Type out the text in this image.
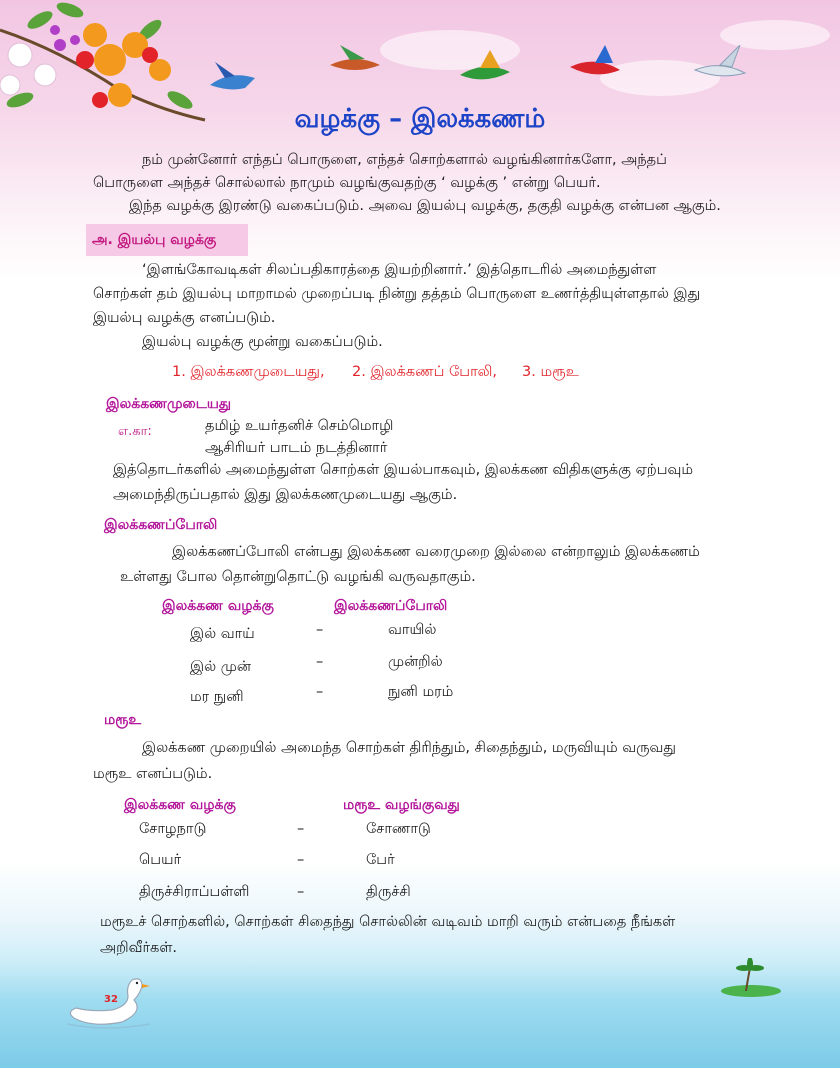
வழக்கு – இலக்கணம்
நம் முன்னோர் எந்தப் பொருளை, எந்தச் சொற்களால் வழங்கினார்களோ, அந்தப்
பொருளை அந்தச் சொல்லால் நாமும் வழங்குவதற்கு ‘ வழக்கு ’ என்று பெயர்.
இந்த வழக்கு இரண்டு வகைப்படும். அவை இயல்பு வழக்கு, தகுதி வழக்கு என்பன ஆகும்.
அ. இயல்பு வழக்கு
‘இளங்கோவடிகள் சிலப்பதிகாரத்தை இயற்றினார்.’ இத்தொடரில் அமைந்துள்ள
சொற்கள் தம் இயல்பு மாறாமல் முறைப்படி நின்று தத்தம் பொருளை உணர்த்தியுள்ளதால் இது
இயல்பு வழக்கு எனப்படும்.
இயல்பு வழக்கு மூன்று வகைப்படும்.
1. இலக்கணமுடையது, 2. இலக்கணப் போலி, 3. மரூஉ
இலக்கணமுடையது
எ.கா:	தமிழ் உயர்தனிச் செம்மொழி
ஆசிரியர் பாடம் நடத்தினார்
இத்தொடர்களில் அமைந்துள்ள சொற்கள் இயல்பாகவும், இலக்கண விதிகளுக்கு ஏற்பவும்
அமைந்திருப்பதால் இது இலக்கணமுடையது ஆகும்.
இலக்கணப்போலி
இலக்கணப்போலி என்பது இலக்கண வரைமுறை இல்லை என்றாலும் இலக்கணம்
உள்ளது போல தொன்றுதொட்டு வழங்கி வருவதாகும்.
இலக்கண வழக்கு	இலக்கணப்போலி
இல் வாய்	–	வாயில்
இல் முன்	–	முன்றில்
மர நுனி	–	நுனி மரம்
மரூஉ
இலக்கண முறையில் அமைந்த சொற்கள் திரிந்தும், சிதைந்தும், மருவியும் வருவது
மரூஉ எனப்படும்.
இலக்கண வழக்கு	மரூஉ வழங்குவது
சோழநாடு	–	சோணாடு
பெயர்	–	பேர்
திருச்சிராப்பள்ளி	–	திருச்சி
மரூஉச் சொற்களில், சொற்கள் சிதைந்து சொல்லின் வடிவம் மாறி வரும் என்பதை நீங்கள்
அறிவீர்கள்.
32
